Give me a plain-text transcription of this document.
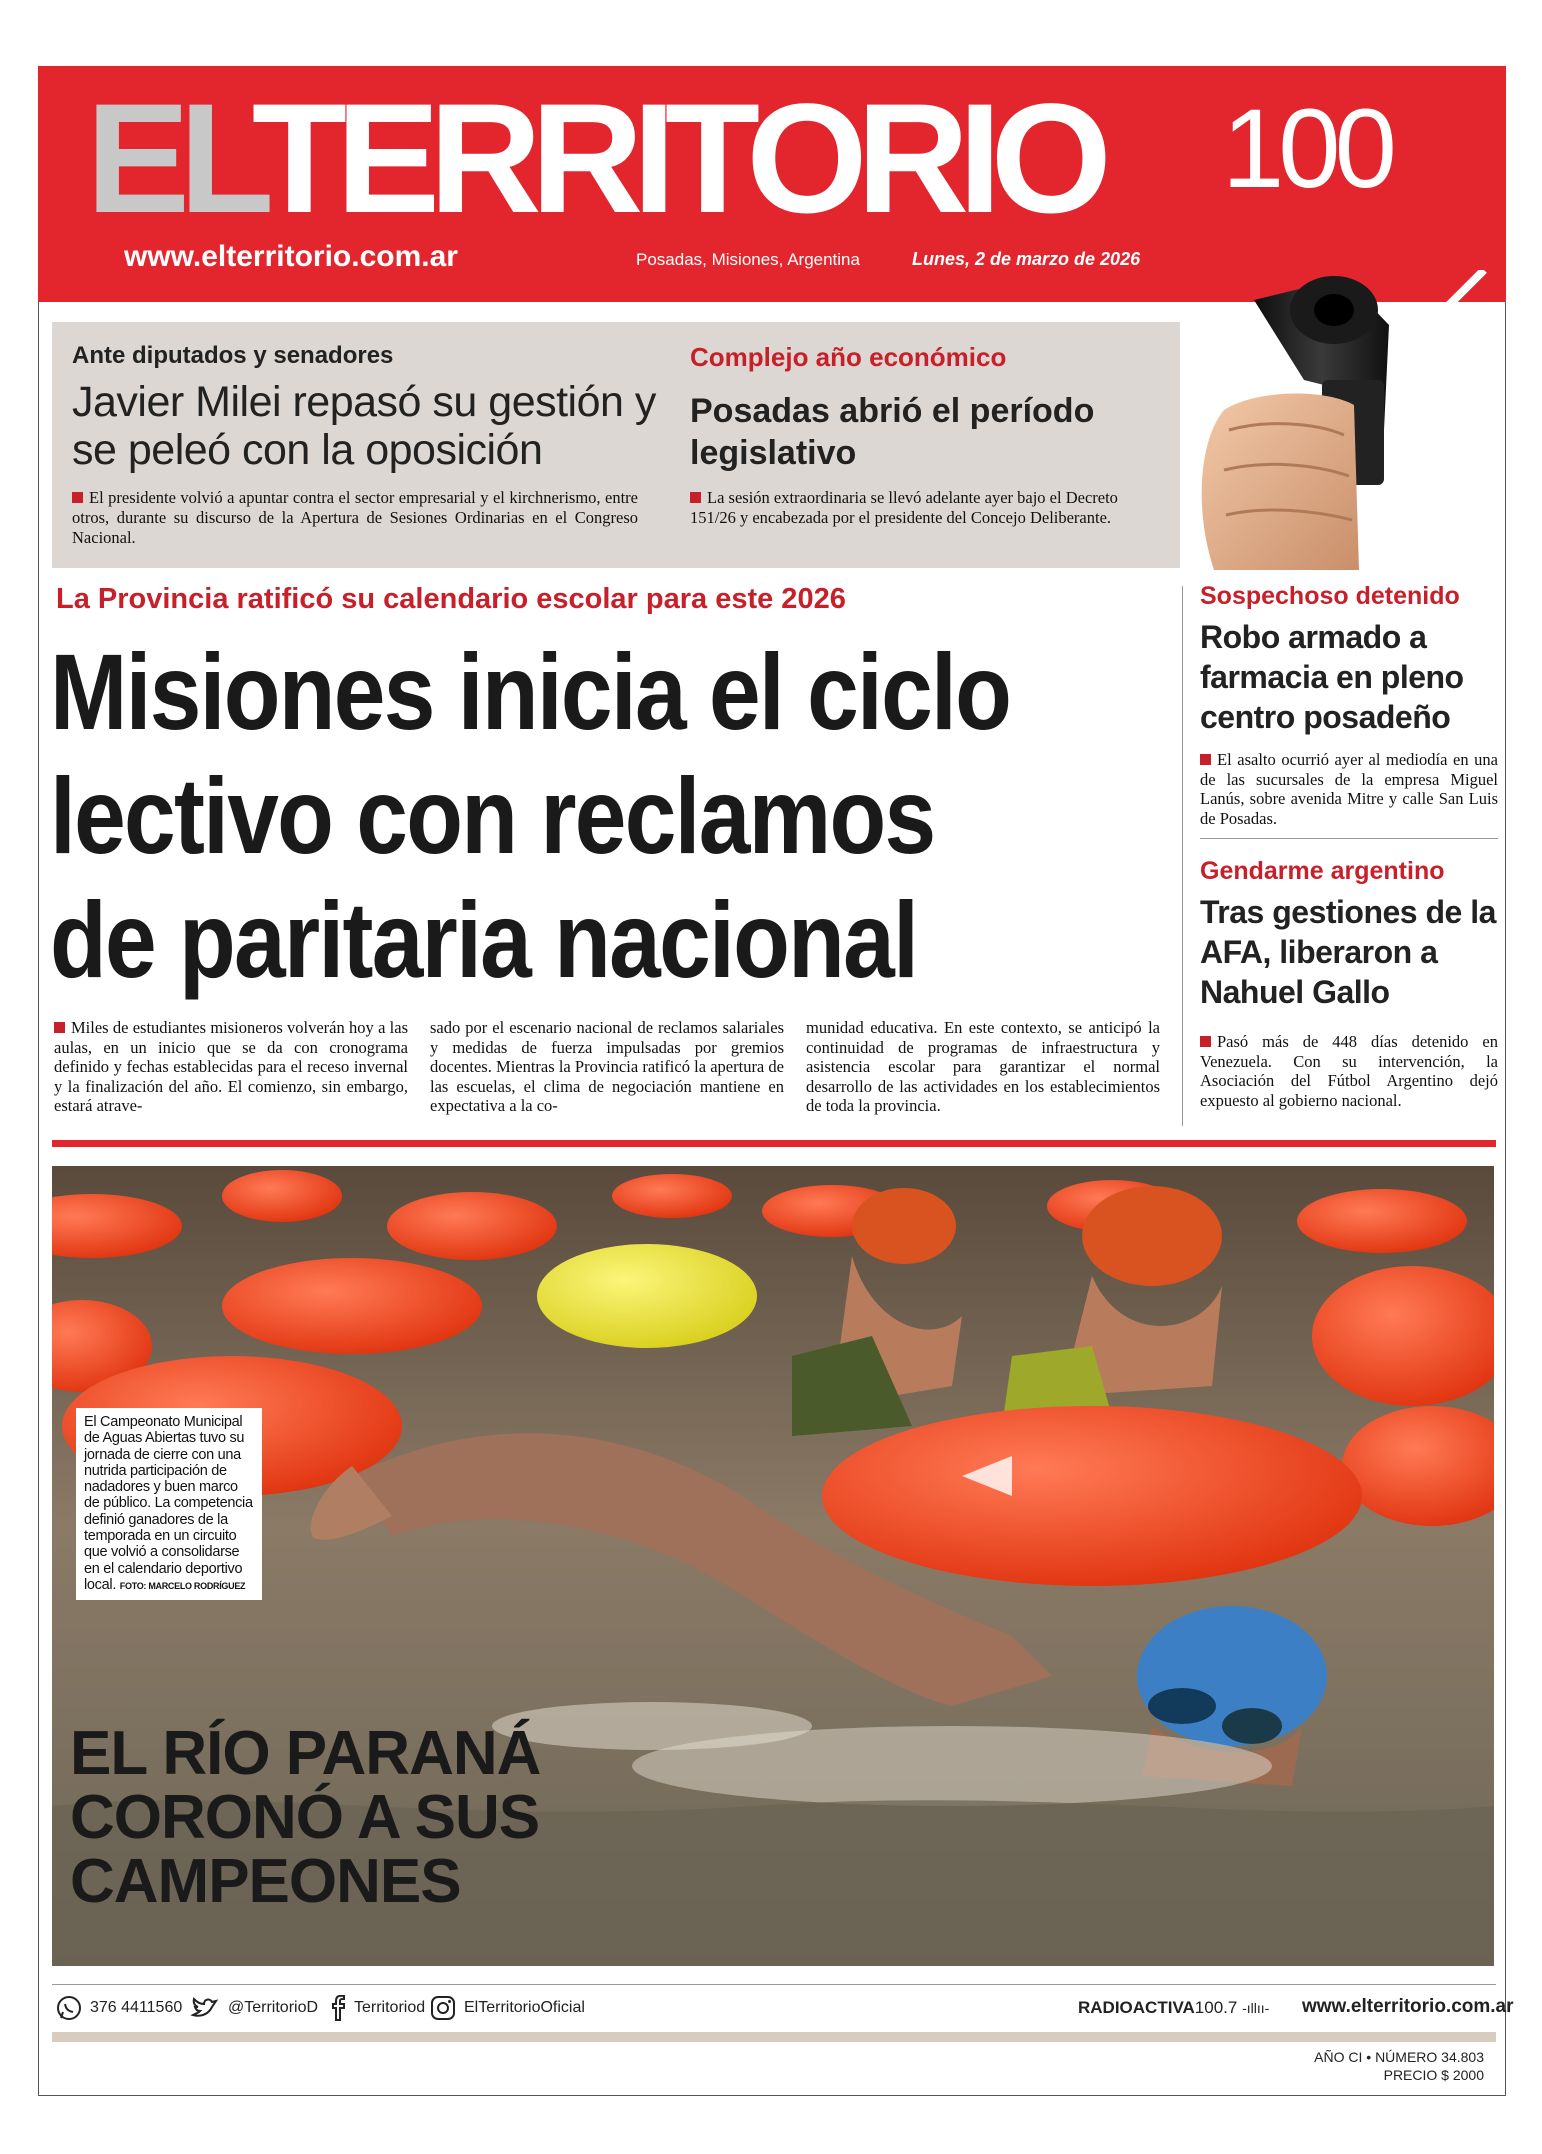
ELTERRITORIO 100
www.elterritorio.com.ar	Posadas, Misiones, Argentina	Lunes, 2 de marzo de 2026
Ante diputados y senadores
Javier Milei repasó su gestión y se peleó con la oposición
El presidente volvió a apuntar contra el sector empresarial y el kirchnerismo, entre otros, durante su discurso de la Apertura de Sesiones Ordinarias en el Congreso Nacional.
Complejo año económico
Posadas abrió el período legislativo
La sesión extraordinaria se llevó adelante ayer bajo el Decreto 151/26 y encabezada por el presidente del Concejo Deliberante.
La Provincia ratificó su calendario escolar para este 2026
Misiones inicia el ciclo
lectivo con reclamos
de paritaria nacional
Miles de estudiantes misioneros volverán hoy a las aulas, en un inicio que se da con cronograma definido y fechas establecidas para el receso invernal y la finalización del año. El comienzo, sin embargo, estará atrave-
sado por el escenario nacional de reclamos salariales y medidas de fuerza impulsadas por gremios docentes. Mientras la Provincia ratificó la apertura de las escuelas, el clima de negociación mantiene en expectativa a la co-
munidad educativa. En este contexto, se anticipó la continuidad de programas de infraestructura y asistencia escolar para garantizar el normal desarrollo de las actividades en los establecimientos de toda la provincia.
Sospechoso detenido
Robo armado a farmacia en pleno centro posadeño
El asalto ocurrió ayer al mediodía en una de las sucursales de la empresa Miguel Lanús, sobre avenida Mitre y calle San Luis de Posadas.
Gendarme argentino
Tras gestiones de la AFA, liberaron a Nahuel Gallo
Pasó más de 448 días detenido en Venezuela. Con su intervención, la Asociación del Fútbol Argentino dejó expuesto al gobierno nacional.
El Campeonato Municipal de Aguas Abiertas tuvo su jornada de cierre con una nutrida participación de nadadores y buen marco de público. La competencia definió ganadores de la temporada en un circuito que volvió a consolidarse en el calendario deportivo local. FOTO: MARCELO RODRÍGUEZ
EL RÍO PARANÁ
CORONÓ A SUS
CAMPEONES
376 4411560	@TerritorioD Territoriod ElTerritorioOficial	RADIOACTIVA100.7 -ıllıı- www.elterritorio.com.ar
AÑO CI • NÚMERO 34.803
PRECIO $ 2000
